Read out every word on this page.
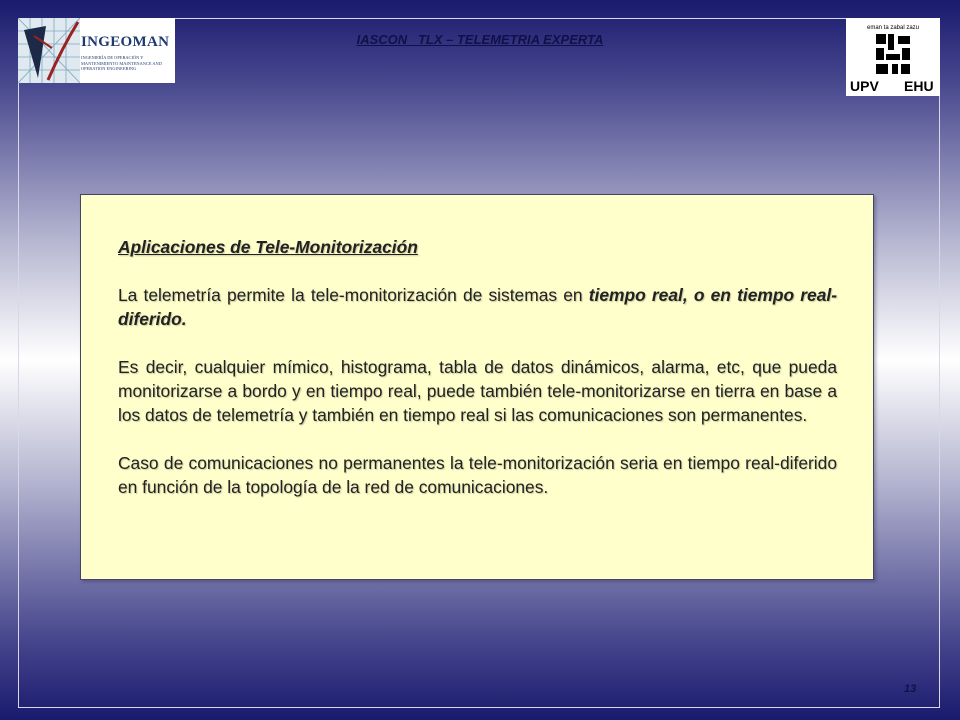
INGEOMAN
INGENIERÍA DE OPERACIÓN Y MANTENIMIENTO MAINTENANCE AND OPERATION ENGINEERING
IASCON   TLX – TELEMETRIA EXPERTA
eman ta zabal zazu
UPV EHU

Aplicaciones de Tele-Monitorización

La telemetría permite la tele-monitorización de sistemas en tiempo real, o en tiempo real-diferido.

Es decir, cualquier mímico, histograma, tabla de datos dinámicos, alarma, etc, que pueda monitorizarse a bordo y en tiempo real, puede también tele-monitorizarse en tierra en base a los datos de telemetría y también en tiempo real si las comunicaciones son permanentes.

Caso de comunicaciones no permanentes la tele-monitorización seria en tiempo real-diferido en función de la topología de la red de comunicaciones.

13
